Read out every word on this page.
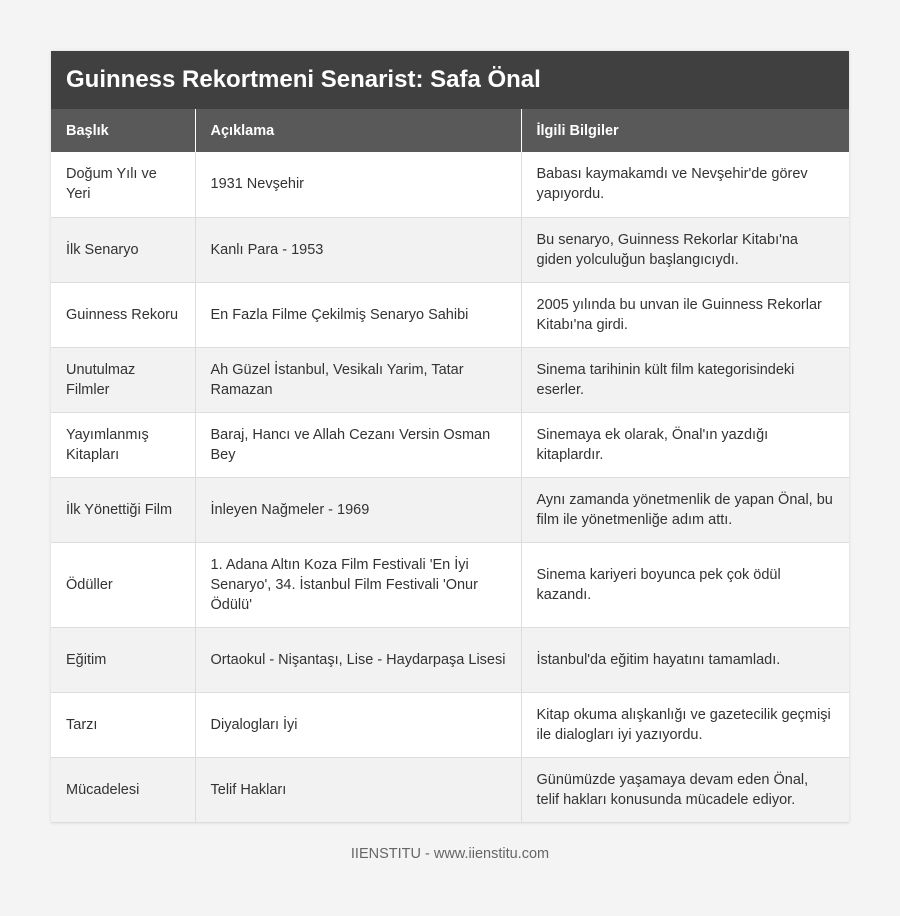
Guinness Rekortmeni Senarist: Safa Önal
Başlık	Açıklama	İlgili Bilgiler
Doğum Yılı ve Yeri	1931 Nevşehir	Babası kaymakamdı ve Nevşehir'de görev yapıyordu.
İlk Senaryo	Kanlı Para - 1953	Bu senaryo, Guinness Rekorlar Kitabı'na giden yolculuğun başlangıcıydı.
Guinness Rekoru	En Fazla Filme Çekilmiş Senaryo Sahibi	2005 yılında bu unvan ile Guinness Rekorlar Kitabı'na girdi.
Unutulmaz Filmler	Ah Güzel İstanbul, Vesikalı Yarim, Tatar Ramazan	Sinema tarihinin kült film kategorisindeki eserler.
Yayımlanmış Kitapları	Baraj, Hancı ve Allah Cezanı Versin Osman Bey	Sinemaya ek olarak, Önal'ın yazdığı kitaplardır.
İlk Yönettiği Film	İnleyen Nağmeler - 1969	Aynı zamanda yönetmenlik de yapan Önal, bu film ile yönetmenliğe adım attı.
Ödüller	1. Adana Altın Koza Film Festivali 'En İyi Senaryo', 34. İstanbul Film Festivali 'Onur Ödülü'	Sinema kariyeri boyunca pek çok ödül kazandı.
Eğitim	Ortaokul - Nişantaşı, Lise - Haydarpaşa Lisesi	İstanbul'da eğitim hayatını tamamladı.
Tarzı	Diyalogları İyi	Kitap okuma alışkanlığı ve gazetecilik geçmişi ile dialogları iyi yazıyordu.
Mücadelesi	Telif Hakları	Günümüzde yaşamaya devam eden Önal, telif hakları konusunda mücadele ediyor.
IIENSTITU - www.iienstitu.com
